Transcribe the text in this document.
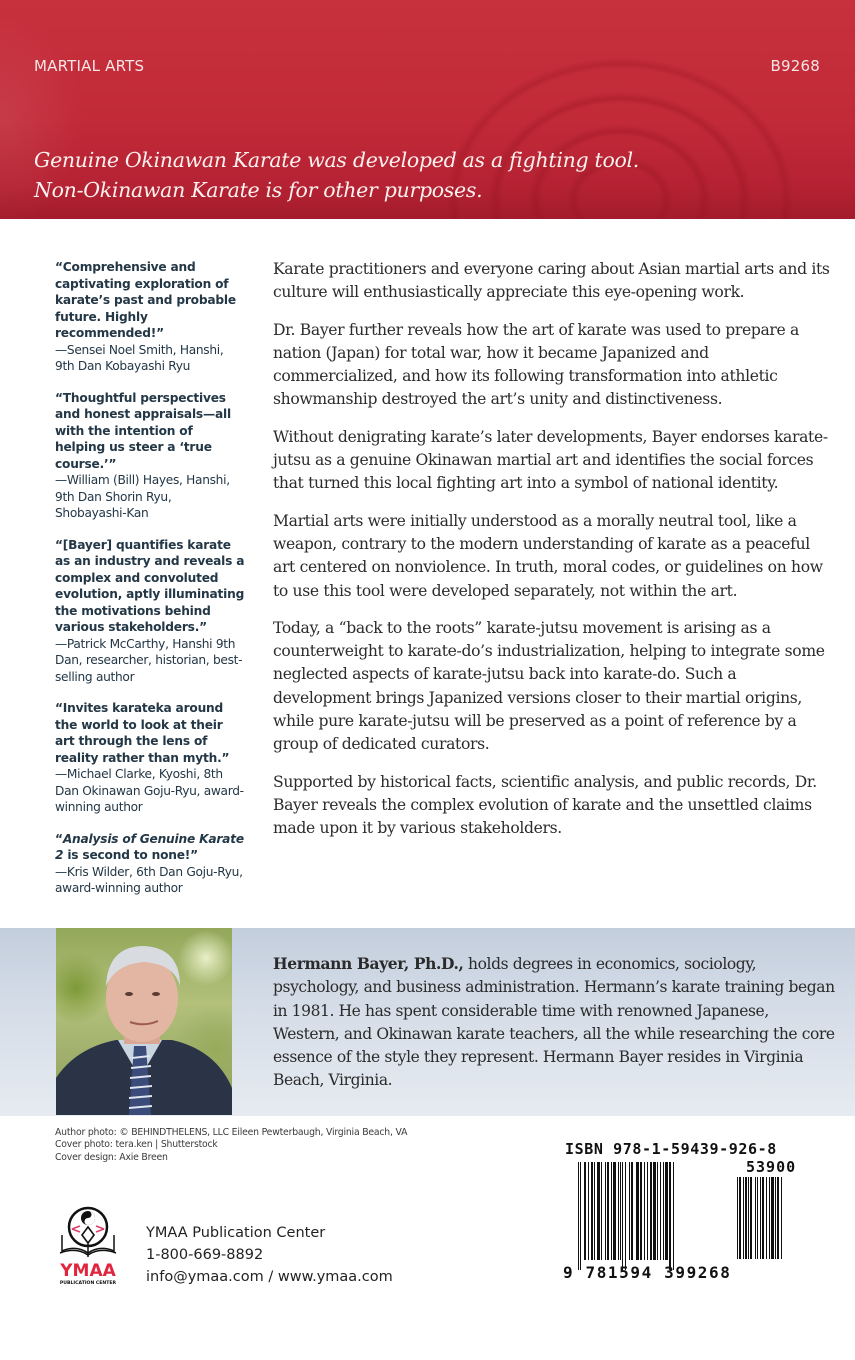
MARTIAL ARTS	B9268
Genuine Okinawan Karate was developed as a fighting tool.
Non-Okinawan Karate is for other purposes.
“Comprehensive and captivating exploration of karate’s past and probable future. Highly recommended!”
—Sensei Noel Smith, Hanshi, 9th Dan Kobayashi Ryu
“Thoughtful perspectives and honest appraisals—all with the intention of helping us steer a ‘true course.’”
—William (Bill) Hayes, Hanshi, 9th Dan Shorin Ryu, Shobayashi-Kan
“[Bayer] quantifies karate as an industry and reveals a complex and convoluted evolution, aptly illuminating the motivations behind various stakeholders.”
—Patrick McCarthy, Hanshi 9th Dan, researcher, historian, best-selling author
“Invites karateka around the world to look at their art through the lens of reality rather than myth.”
—Michael Clarke, Kyoshi, 8th Dan Okinawan Goju-Ryu, award-winning author
“Analysis of Genuine Karate 2 is second to none!”
—Kris Wilder, 6th Dan Goju-Ryu, award-winning author

Karate practitioners and everyone caring about Asian martial arts and its culture will enthusiastically appreciate this eye-opening work.

Dr. Bayer further reveals how the art of karate was used to prepare a nation (Japan) for total war, how it became Japanized and commercialized, and how its following transformation into athletic showmanship destroyed the art’s unity and distinctiveness.

Without denigrating karate’s later developments, Bayer endorses karate-jutsu as a genuine Okinawan martial art and identifies the social forces that turned this local fighting art into a symbol of national identity.

Martial arts were initially understood as a morally neutral tool, like a weapon, contrary to the modern understanding of karate as a peaceful art centered on nonviolence. In truth, moral codes, or guidelines on how to use this tool were developed separately, not within the art.

Today, a “back to the roots” karate-jutsu movement is arising as a counterweight to karate-do’s industrialization, helping to integrate some neglected aspects of karate-jutsu back into karate-do. Such a development brings Japanized versions closer to their martial origins, while pure karate-jutsu will be preserved as a point of reference by a group of dedicated curators.

Supported by historical facts, scientific analysis, and public records, Dr. Bayer reveals the complex evolution of karate and the unsettled claims made upon it by various stakeholders.

Hermann Bayer, Ph.D., holds degrees in economics, sociology, psychology, and business administration. Hermann’s karate training began in 1981. He has spent considerable time with renowned Japanese, Western, and Okinawan karate teachers, all the while researching the core essence of the style they represent. Hermann Bayer resides in Virginia Beach, Virginia.
Author photo: © BEHINDTHELENS, LLC Eileen Pewterbaugh, Virginia Beach, VA
Cover photo: tera.ken | Shutterstock
Cover design: Axie Breen
YMAA
PUBLICATION CENTER
YMAA Publication Center
1-800-669-8892
info@ymaa.com / www.ymaa.com
ISBN 978-1-59439-926-8
53900
9 781594 399268
